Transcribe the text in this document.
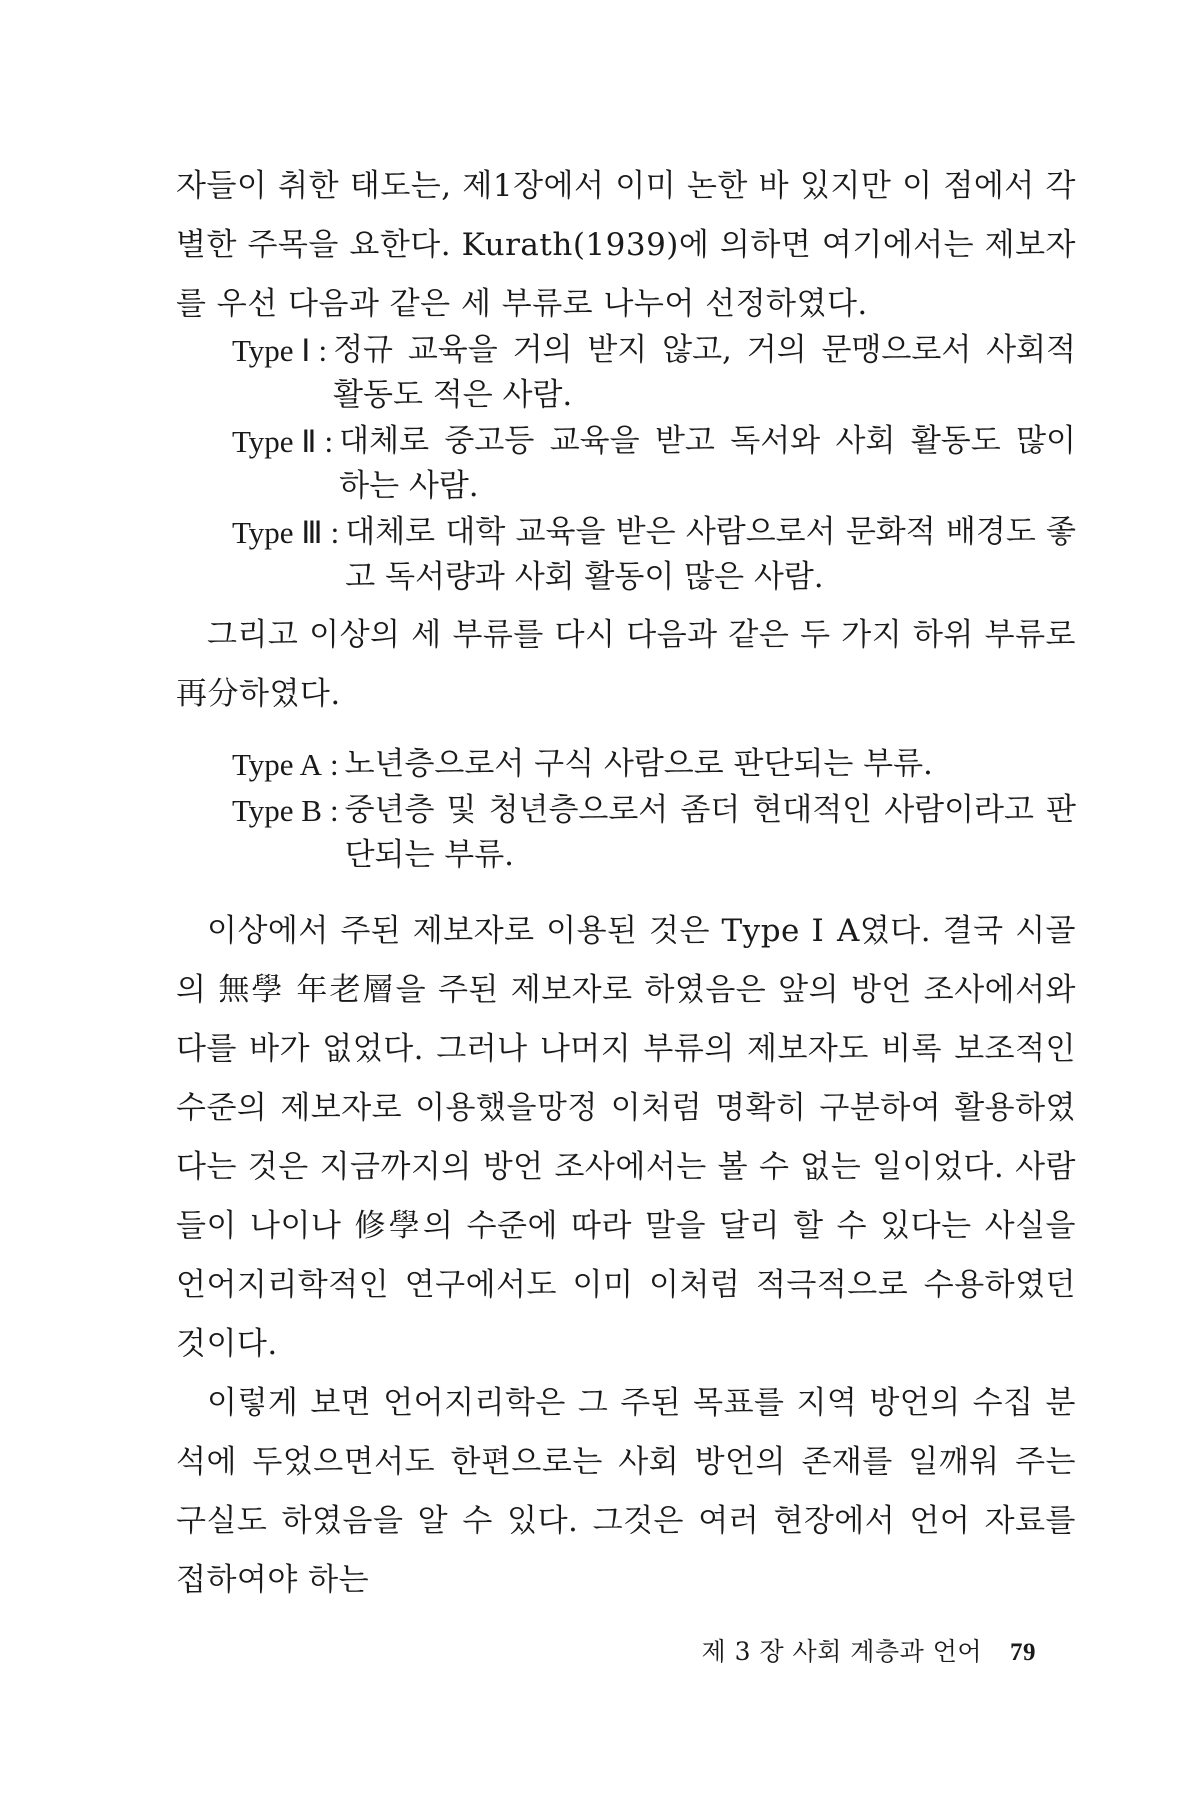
자들이 취한 태도는, 제1장에서 이미 논한 바 있지만 이 점에서 각별한 주목을 요한다. Kurath(1939)에 의하면 여기에서는 제보자를 우선 다음과 같은 세 부류로 나누어 선정하였다.

Type Ⅰ : 정규 교육을 거의 받지 않고, 거의 문맹으로서 사회적 활동도 적은 사람.
Type Ⅱ : 대체로 중고등 교육을 받고 독서와 사회 활동도 많이 하는 사람.
Type Ⅲ : 대체로 대학 교육을 받은 사람으로서 문화적 배경도 좋고 독서량과 사회 활동이 많은 사람.

그리고 이상의 세 부류를 다시 다음과 같은 두 가지 하위 부류로 再分하였다.

Type A : 노년층으로서 구식 사람으로 판단되는 부류.
Type B : 중년층 및 청년층으로서 좀더 현대적인 사람이라고 판단되는 부류.

이상에서 주된 제보자로 이용된 것은 Type Ⅰ A였다. 결국 시골의 無學 年老層을 주된 제보자로 하였음은 앞의 방언 조사에서와 다를 바가 없었다. 그러나 나머지 부류의 제보자도 비록 보조적인 수준의 제보자로 이용했을망정 이처럼 명확히 구분하여 활용하였다는 것은 지금까지의 방언 조사에서는 볼 수 없는 일이었다. 사람들이 나이나 修學의 수준에 따라 말을 달리 할 수 있다는 사실을 언어지리학적인 연구에서도 이미 이처럼 적극적으로 수용하였던 것이다.

이렇게 보면 언어지리학은 그 주된 목표를 지역 방언의 수집 분석에 두었으면서도 한편으로는 사회 방언의 존재를 일깨워 주는 구실도 하였음을 알 수 있다. 그것은 여러 현장에서 언어 자료를 접하여야 하는

제 3 장 사회 계층과 언어 79
